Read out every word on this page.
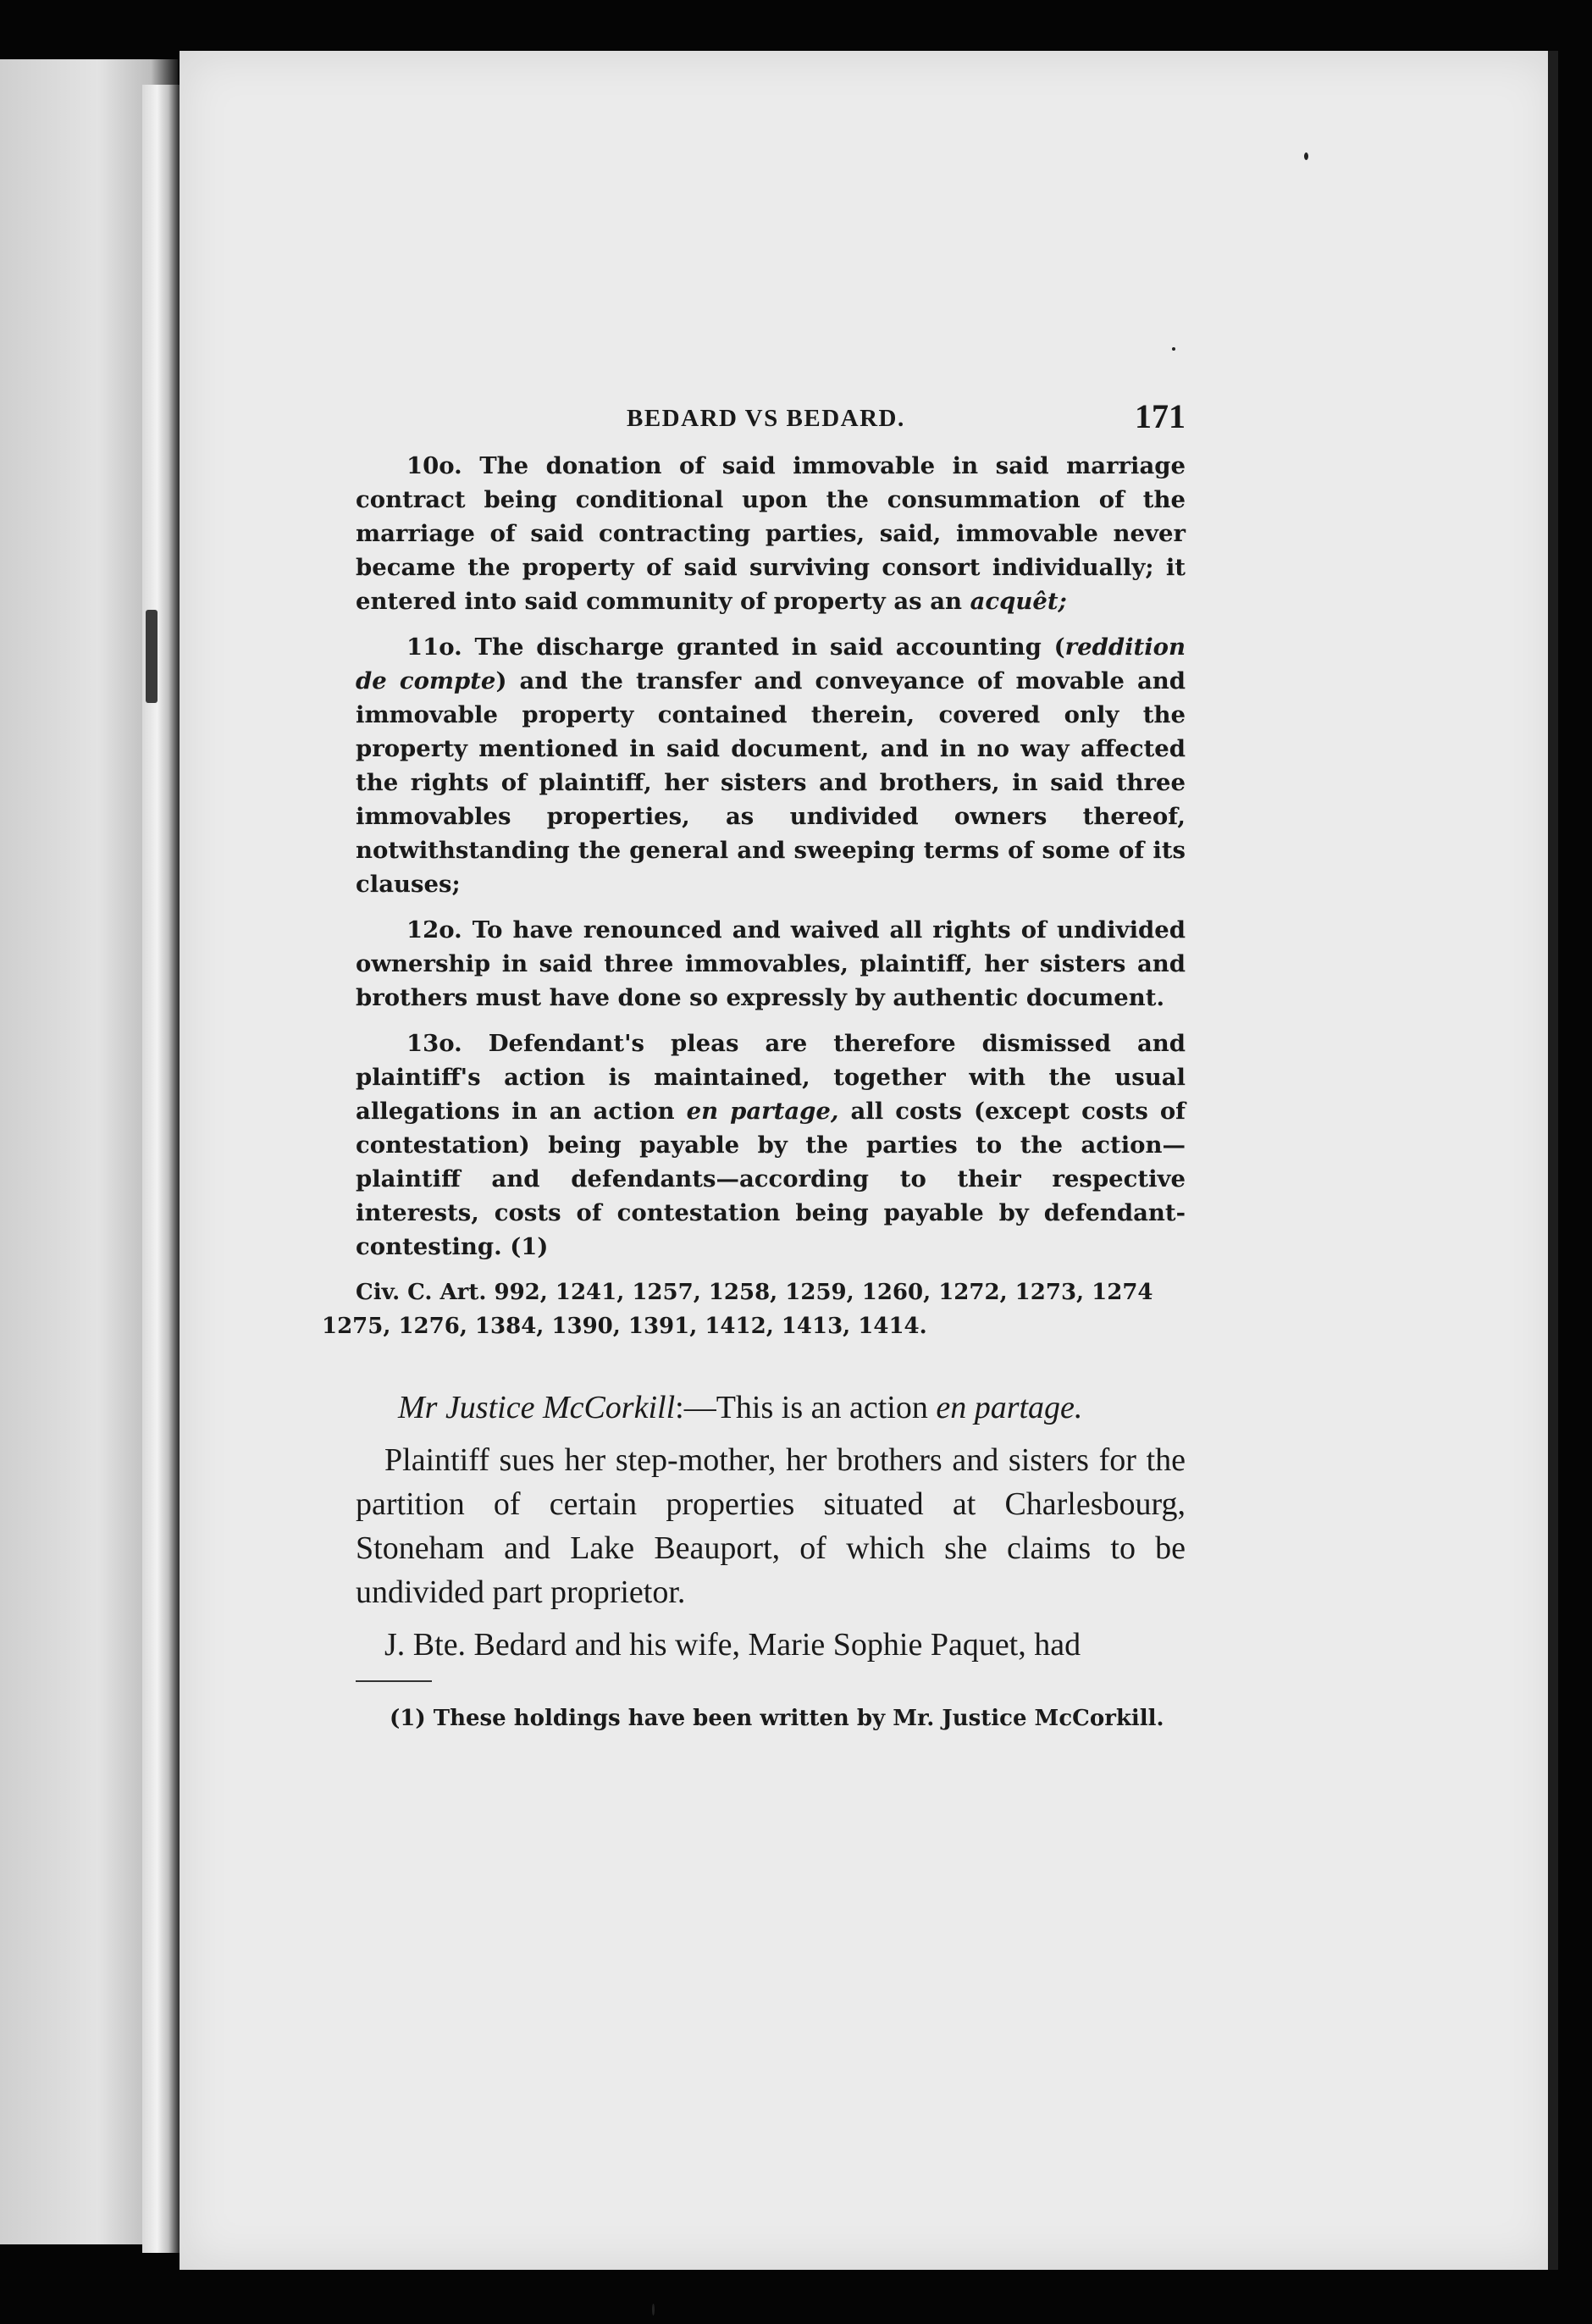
BEDARD VS BEDARD.	171

10o. The donation of said immovable in said marriage contract being conditional upon the consummation of the marriage of said contracting parties, said, immovable never became the property of said surviving consort individually; it entered into said community of property as an acquêt;

11o. The discharge granted in said accounting (reddition de compte) and the transfer and conveyance of movable and immovable property contained therein, covered only the property mentioned in said document, and in no way affected the rights of plaintiff, her sisters and brothers, in said three immovables properties, as undivided owners thereof, notwithstanding the general and sweeping terms of some of its clauses;

12o. To have renounced and waived all rights of undivided ownership in said three immovables, plaintiff, her sisters and brothers must have done so expressly by authentic document.

13o. Defendant's pleas are therefore dismissed and plaintiff's action is maintained, together with the usual allegations in an action en partage, all costs (except costs of contestation) being payable by the parties to the action—plaintiff and defendants—according to their respective interests, costs of contestation being payable by defendant-contesting. (1)

Civ. C. Art. 992, 1241, 1257, 1258, 1259, 1260, 1272, 1273, 1274 1275, 1276, 1384, 1390, 1391, 1412, 1413, 1414.

Mr Justice McCorkill:—This is an action en partage.

Plaintiff sues her step-mother, her brothers and sisters for the partition of certain properties situated at Charlesbourg, Stoneham and Lake Beauport, of which she claims to be undivided part proprietor.

J. Bte. Bedard and his wife, Marie Sophie Paquet, had

(1) These holdings have been written by Mr. Justice McCorkill.
